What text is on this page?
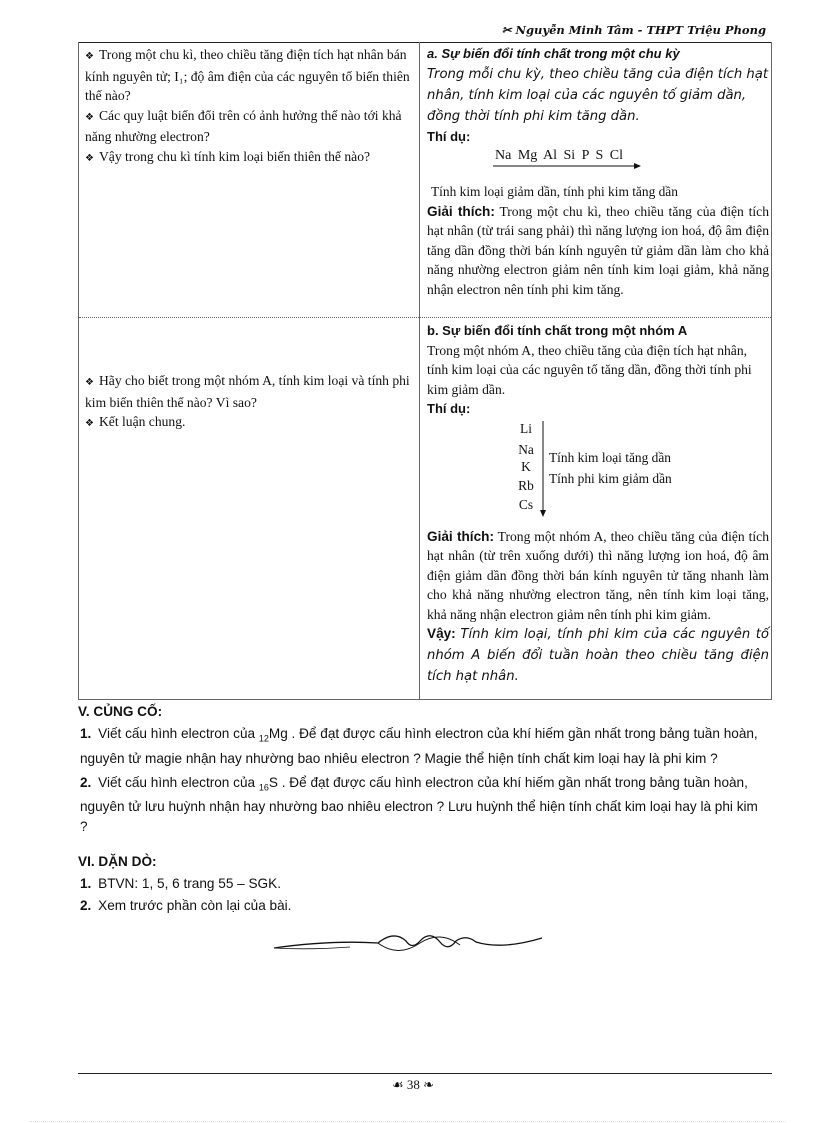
✂ Nguyễn Minh Tâm - THPT Triệu Phong
❖ Trong một chu kì, theo chiều tăng điện tích hạt nhân bán kính nguyên tử; I₁; độ âm điện của các nguyên tố biến thiên thế nào?
❖ Các quy luật biến đổi trên có ảnh hưởng thế nào tới khả năng nhường electron?
❖ Vậy trong chu kì tính kim loại biến thiên thế nào?
a. Sự biến đổi tính chất trong một chu kỳ
Trong mỗi chu kỳ, theo chiều tăng của điện tích hạt nhân, tính kim loại của các nguyên tố giảm dần, đồng thời tính phi kim tăng dần.

Thí dụ:
Na Mg Al Si P S Cl
Tính kim loại giảm dần, tính phi kim tăng dần
Giải thích: Trong một chu kì, theo chiều tăng của điện tích hạt nhân (từ trái sang phải) thì năng lượng ion hoá, độ âm điện tăng dần đồng thời bán kính nguyên tử giảm dần làm cho khả năng nhường electron giảm nên tính kim loại giảm, khả năng nhận electron nên tính phi kim tăng.
❖ Hãy cho biết trong một nhóm A, tính kim loại và tính phi kim biến thiên thế nào? Vì sao?
❖ Kết luận chung.
b. Sự biến đổi tính chất trong một nhóm A
Trong một nhóm A, theo chiều tăng của điện tích hạt nhân, tính kim loại của các nguyên tố tăng dần, đồng thời tính phi kim giảm dần.

Thí dụ:
Li
Na
K
Rb
Cs
Tính kim loại tăng dần
Tính phi kim giảm dần
Giải thích: Trong một nhóm A, theo chiều tăng của điện tích hạt nhân (từ trên xuống dưới) thì năng lượng ion hoá, độ âm điện giảm dần đồng thời bán kính nguyên tử tăng nhanh làm cho khả năng nhường electron tăng, nên tính kim loại tăng, khả năng nhận electron giảm nên tính phi kim giảm.
Vậy: Tính kim loại, tính phi kim của các nguyên tố nhóm A biến đổi tuần hoàn theo chiều tăng điện tích hạt nhân.
V. CỦNG CỐ:
1. Viết cấu hình electron của $_{12}$Mg . Để đạt được cấu hình electron của khí hiếm gần nhất trong bảng tuần hoàn, nguyên tử magie nhận hay nhường bao nhiêu electron ? Magie thể hiện tính chất kim loại hay là phi kim ?
2. Viết cấu hình electron của $_{16}$S . Để đạt được cấu hình electron của khí hiếm gần nhất trong bảng tuần hoàn, nguyên tử lưu huỳnh nhận hay nhường bao nhiêu electron ? Lưu huỳnh thể hiện tính chất kim loại hay là phi kim ?
VI. DẶN DÒ:
1. BTVN: 1, 5, 6 trang 55 – SGK.
2. Xem trước phần còn lại của bài.
☙ 38 ❧
